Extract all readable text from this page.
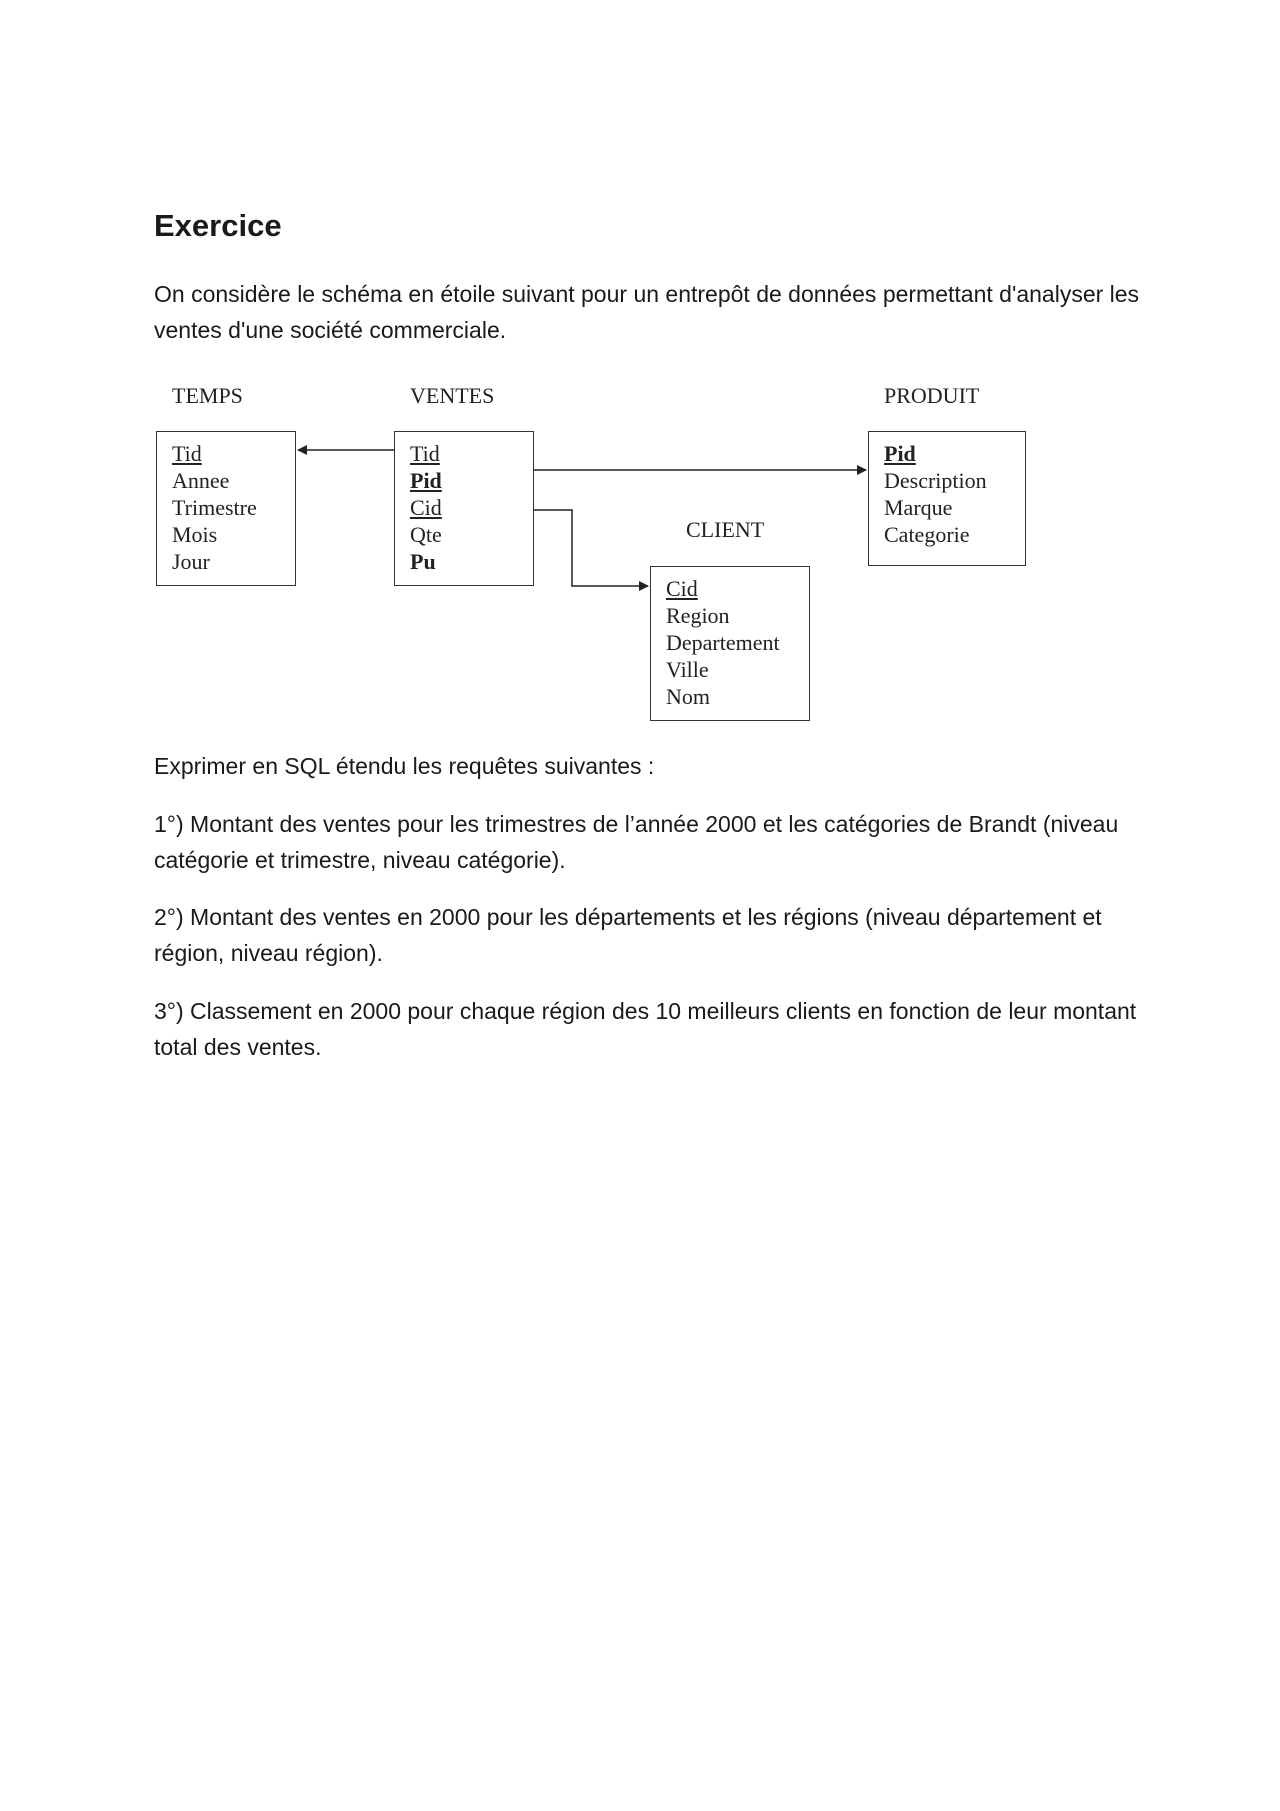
Exercice

On considère le schéma en étoile suivant pour un entrepôt de données permettant d'analyser les ventes d'une société commerciale.

TEMPS
Tid
Annee
Trimestre
Mois
Jour
VENTES
Tid
Pid
Cid
Qte
Pu
PRODUIT
Pid
Description
Marque
Categorie
CLIENT
Cid
Region
Departement
Ville
Nom

Exprimer en SQL étendu les requêtes suivantes :

1°) Montant des ventes pour les trimestres de l’année 2000 et les catégories de Brandt (niveau catégorie et trimestre, niveau catégorie).

2°) Montant des ventes en 2000 pour les départements et les régions (niveau département et région, niveau région).

3°) Classement en 2000 pour chaque région des 10 meilleurs clients en fonction de leur montant total des ventes.
